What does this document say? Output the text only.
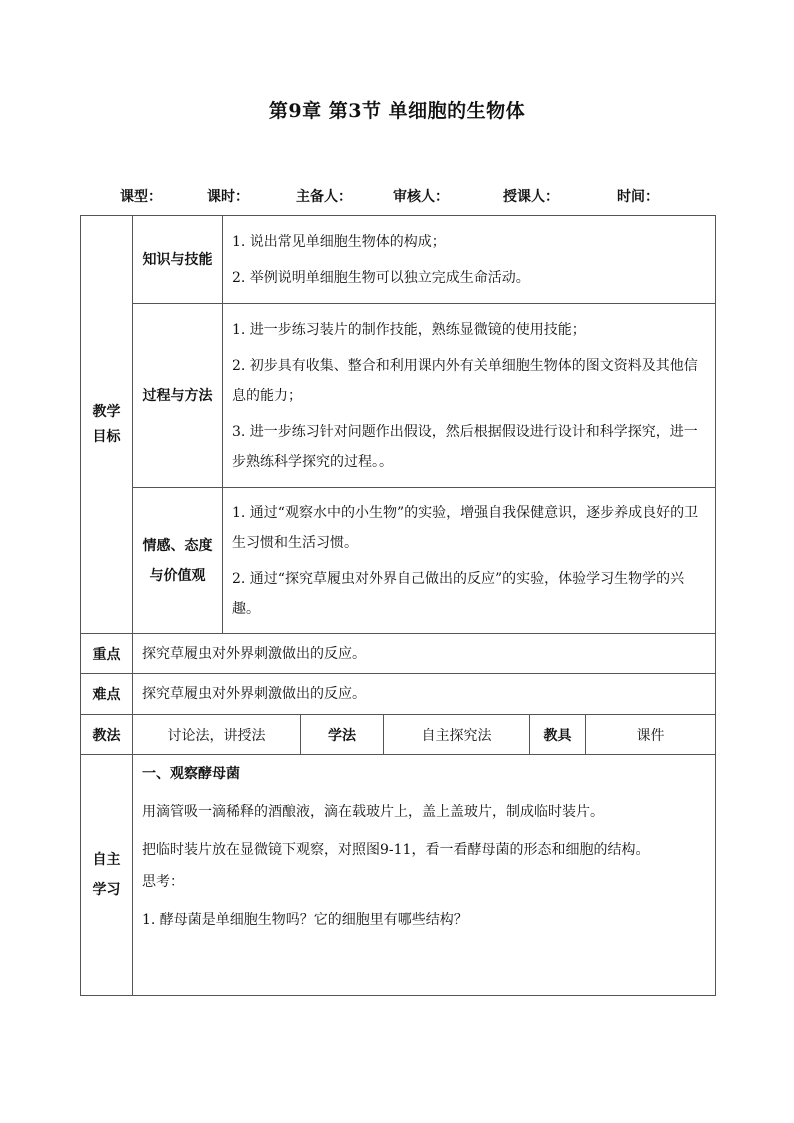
第9章 第3节 单细胞的生物体
课型：	课时：	主备人：	审核人：	授课人：	时间：
教学目标	知识与技能	1. 说出常见单细胞生物体的构成；

2. 举例说明单细胞生物可以独立完成生命活动。				

	过程与方法	1. 进一步练习装片的制作技能，熟练显微镜的使用技能；

2. 初步具有收集、整合和利用课内外有关单细胞生物体的图文资料及其他信息的能力；

3. 进一步练习针对问题作出假设，然后根据假设进行设计和科学探究，进一步熟练科学探究的过程。。				

	情感、态度与价值观	1. 通过“观察水中的小生物”的实验，增强自我保健意识，逐步养成良好的卫生习惯和生活习惯。

2. 通过“探究草履虫对外界自己做出的反应”的实验，体验学习生物学的兴趣。				

重点	探究草履虫对外界刺激做出的反应。					
难点	探究草履虫对外界刺激做出的反应。					
教法	讨论法，讲授法		学法	自主探究法	教具	课件

自主学习	一、观察酵母菌

用滴管吸一滴稀释的酒酿液，滴在载玻片上，盖上盖玻片，制成临时装片。

把临时装片放在显微镜下观察，对照图9-11，看一看酵母菌的形态和细胞的结构。

思考：

1. 酵母菌是单细胞生物吗？它的细胞里有哪些结构？					
